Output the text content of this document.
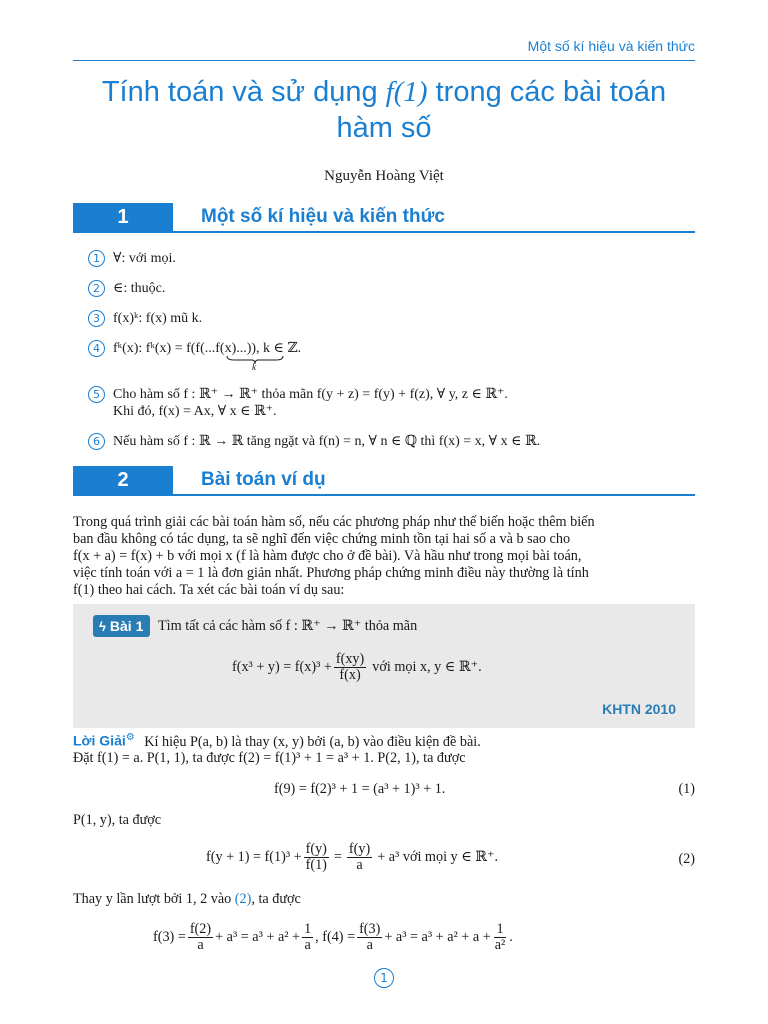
Một số kí hiệu và kiến thức
Tính toán và sử dụng f(1) trong các bài toán
hàm số
Nguyễn Hoàng Việt
1	Một số kí hiệu và kiến thức
1 ∀: với mọi.
2 ∈: thuộc.
3 f(x)ᵏ: f(x) mũ k.
4 fᵏ(x): fᵏ(x) = f(f(...f(x)...)), k ∈ ℤ.
k
5 Cho hàm số f : ℝ⁺ → ℝ⁺ thỏa mãn f(y + z) = f(y) + f(z), ∀ y, z ∈ ℝ⁺.
Khi đó, f(x) = Ax, ∀ x ∈ ℝ⁺.
6 Nếu hàm số f : ℝ → ℝ tăng ngặt và f(n) = n, ∀ n ∈ ℚ thì f(x) = x, ∀ x ∈ ℝ.
2	Bài toán ví dụ
Trong quá trình giải các bài toán hàm số, nếu các phương pháp như thế biến hoặc thêm biến
ban đầu không có tác dụng, ta sẽ nghĩ đến việc chứng minh tồn tại hai số a và b sao cho
f(x + a) = f(x) + b với mọi x (f là hàm được cho ở đề bài). Và hầu như trong mọi bài toán,
việc tính toán với a = 1 là đơn giản nhất. Phương pháp chứng minh điều này thường là tính
f(1) theo hai cách. Ta xét các bài toán ví dụ sau:
ϟ Bài 1 Tìm tất cả các hàm số f : ℝ⁺ → ℝ⁺ thỏa mãn
$f(x^3 + y) = f(x)^3 + \frac{f(xy)}{f(x)}$ với mọi x, y ∈ ℝ⁺.
KHTN 2010
Lời Giải⚙ Kí hiệu P(a, b) là thay (x, y) bởi (a, b) vào điều kiện đề bài.
Đặt f(1) = a. P(1, 1), ta được f(2) = f(1)³ + 1 = a³ + 1. P(2, 1), ta được
f(9) = f(2)³ + 1 = (a³ + 1)³ + 1.	(1)
P(1, y), ta được
$f(y + 1) = f(1)^3 + \frac{f(y)}{f(1)} = \frac{f(y)}{a} + a^3$ với mọi y ∈ ℝ⁺.	(2)
Thay y lần lượt bởi 1, 2 vào (2), ta được
$f(3) = \frac{f(2)}{a} + a^3 = a^3 + a^2 + \frac{1}{a}$ , $f(4) = \frac{f(3)}{a} + a^3 = a^3 + a^2 + a + \frac{1}{\text{a²}}$ .
1
